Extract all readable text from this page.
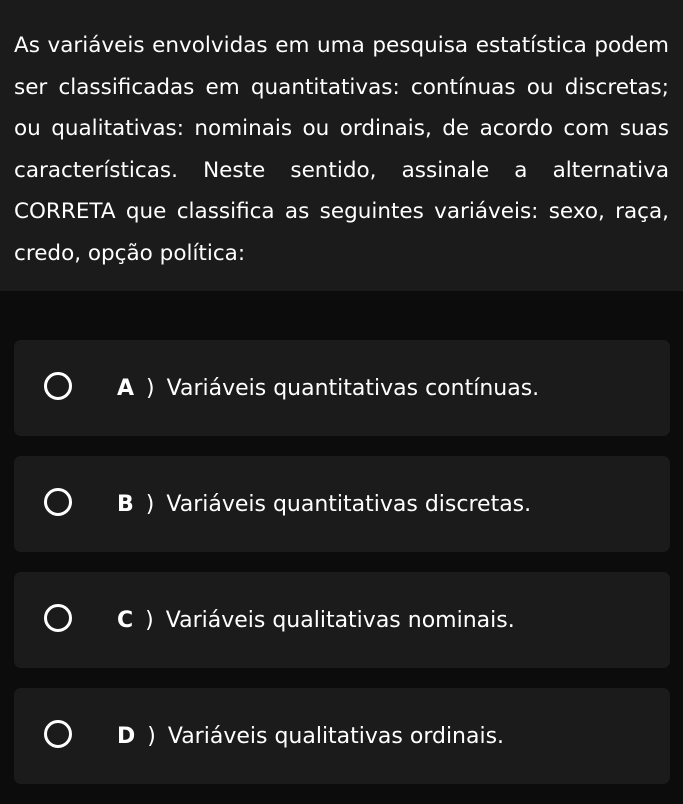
As variáveis envolvidas em uma pesquisa estatística podem ser classificadas em quantitativas: contínuas ou discretas; ou qualitativas: nominais ou ordinais, de acordo com suas características. Neste sentido, assinale a alternativa CORRETA que classifica as seguintes variáveis: sexo, raça, credo, opção política:

A ) Variáveis quantitativas contínuas.
B ) Variáveis quantitativas discretas.
C ) Variáveis qualitativas nominais.
D ) Variáveis qualitativas ordinais.
